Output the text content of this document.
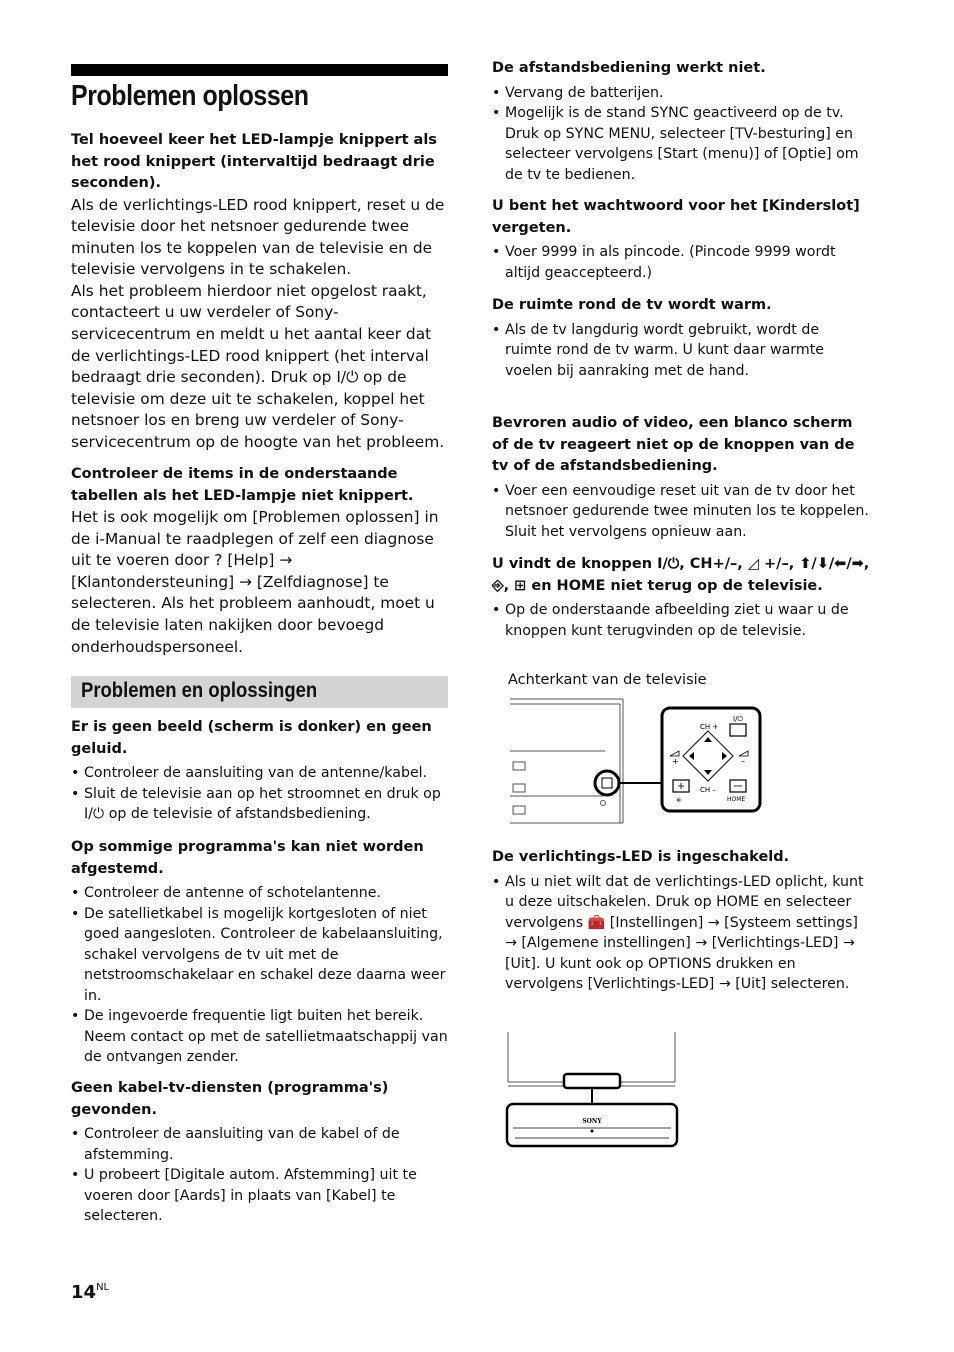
Problemen oplossen

Tel hoeveel keer het LED-lampje knippert als het rood knippert (intervaltijd bedraagt drie seconden).

Als de verlichtings-LED rood knippert, reset u de televisie door het netsnoer gedurende twee minuten los te koppelen van de televisie en de televisie vervolgens in te schakelen.

Als het probleem hierdoor niet opgelost raakt, contacteert u uw verdeler of Sony-servicecentrum en meldt u het aantal keer dat de verlichtings-LED rood knippert (het interval bedraagt drie seconden). Druk op I/⏻ op de televisie om deze uit te schakelen, koppel het netsnoer los en breng uw verdeler of Sony-servicecentrum op de hoogte van het probleem.

Controleer de items in de onderstaande tabellen als het LED-lampje niet knippert.

Het is ook mogelijk om [Problemen oplossen] in de i-Manual te raadplegen of zelf een diagnose uit te voeren door ? [Help] → [Klantondersteuning] → [Zelfdiagnose] te selecteren. Als het probleem aanhoudt, moet u de televisie laten nakijken door bevoegd onderhoudspersoneel.

Problemen en oplossingen

Er is geen beeld (scherm is donker) en geen geluid.

• Controleer de aansluiting van de antenne/kabel.

• Sluit de televisie aan op het stroomnet en druk op I/⏻ op de televisie of afstandsbediening.

Op sommige programma's kan niet worden afgestemd.

• Controleer de antenne of schotelantenne.

• De satellietkabel is mogelijk kortgesloten of niet goed aangesloten. Controleer de kabelaansluiting, schakel vervolgens de tv uit met de netstroomschakelaar en schakel deze daarna weer in.

• De ingevoerde frequentie ligt buiten het bereik. Neem contact op met de satellietmaatschappij van de ontvangen zender.

Geen kabel-tv-diensten (programma's) gevonden.

• Controleer de aansluiting van de kabel of de afstemming.

• U probeert [Digitale autom. Afstemming] uit te voeren door [Aards] in plaats van [Kabel] te selecteren.

$14^{NL}$

De afstandsbediening werkt niet.

• Vervang de batterijen.

• Mogelijk is de stand SYNC geactiveerd op de tv. Druk op SYNC MENU, selecteer [TV-besturing] en selecteer vervolgens [Start (menu)] of [Optie] om de tv te bedienen.

U bent het wachtwoord voor het [Kinderslot] vergeten.

• Voer 9999 in als pincode. (Pincode 9999 wordt altijd geaccepteerd.)

De ruimte rond de tv wordt warm.

• Als de tv langdurig wordt gebruikt, wordt de ruimte rond de tv warm. U kunt daar warmte voelen bij aanraking met de hand.

Bevroren audio of video, een blanco scherm of de tv reageert niet op de knoppen van de tv of de afstandsbediening.

• Voer een eenvoudige reset uit van de tv door het netsnoer gedurende twee minuten los te koppelen. Sluit het vervolgens opnieuw aan.

U vindt de knoppen I/⏻, CH+/–, ◿ +/–, ⬆/⬇/⬅/➡, ⎆, ⊞ en HOME niet terug op de televisie.

• Op de onderstaande afbeelding ziet u waar u de knoppen kunt terugvinden op de televisie.

Achterkant van de televisie
CH +
CH –
+	–
I/⏻
⎆	HOME

De verlichtings-LED is ingeschakeld.

• Als u niet wilt dat de verlichtings-LED oplicht, kunt u deze uitschakelen. Druk op HOME en selecteer vervolgens 🧰 [Instellingen] → [Systeem settings] → [Algemene instellingen] → [Verlichtings-LED] → [Uit]. U kunt ook op OPTIONS drukken en vervolgens [Verlichtings-LED] → [Uit] selecteren.

SONY
